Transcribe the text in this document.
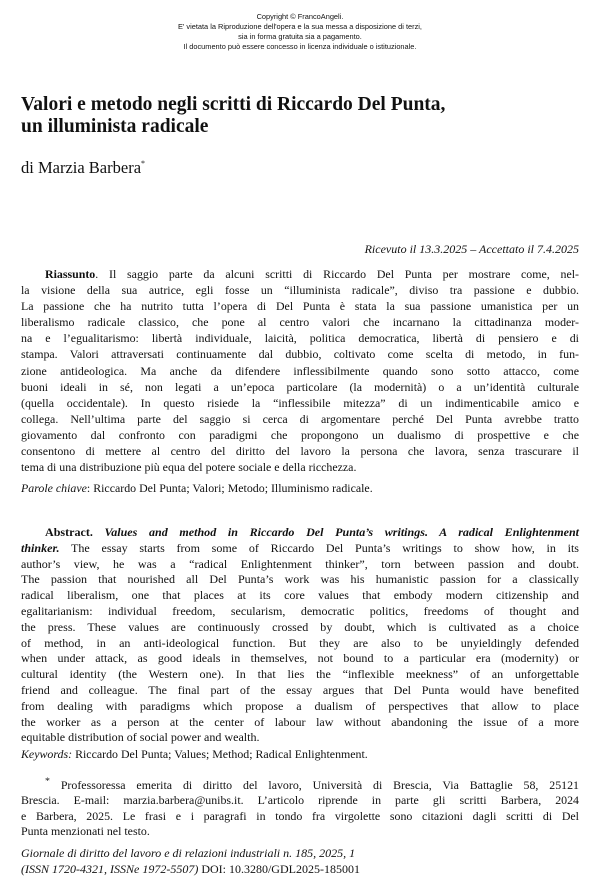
Copyright © FrancoAngeli.
E' vietata la Riproduzione dell'opera e la sua messa a disposizione di terzi,
sia in forma gratuita sia a pagamento.
Il documento può essere concesso in licenza individuale o istituzionale.
Valori e metodo negli scritti di Riccardo Del Punta,
un illuminista radicale
di Marzia Barbera*
Ricevuto il 13.3.2025 – Accettato il 7.4.2025
Riassunto. Il saggio parte da alcuni scritti di Riccardo Del Punta per mostrare come, nel-
la visione della sua autrice, egli fosse un “illuminista radicale”, diviso tra passione e dubbio.
La passione che ha nutrito tutta l’opera di Del Punta è stata la sua passione umanistica per un
liberalismo radicale classico, che pone al centro valori che incarnano la cittadinanza moder-
na e l’egualitarismo: libertà individuale, laicità, politica democratica, libertà di pensiero e di
stampa. Valori attraversati continuamente dal dubbio, coltivato come scelta di metodo, in fun-
zione antideologica. Ma anche da difendere inflessibilmente quando sono sotto attacco, come
buoni ideali in sé, non legati a un’epoca particolare (la modernità) o a un’identità culturale
(quella occidentale). In questo risiede la “inflessibile mitezza” di un indimenticabile amico e
collega. Nell’ultima parte del saggio si cerca di argomentare perché Del Punta avrebbe tratto
giovamento dal confronto con paradigmi che propongono un dualismo di prospettive e che
consentono di mettere al centro del diritto del lavoro la persona che lavora, senza trascurare il
tema di una distribuzione più equa del potere sociale e della ricchezza.
Parole chiave: Riccardo Del Punta; Valori; Metodo; Illuminismo radicale.
Abstract. Values and method in Riccardo Del Punta’s writings. A radical Enlightenment
thinker. The essay starts from some of Riccardo Del Punta’s writings to show how, in its
author’s view, he was a “radical Enlightenment thinker”, torn between passion and doubt.
The passion that nourished all Del Punta’s work was his humanistic passion for a classically
radical liberalism, one that places at its core values that embody modern citizenship and
egalitarianism: individual freedom, secularism, democratic politics, freedoms of thought and
the press. These values are continuously crossed by doubt, which is cultivated as a choice
of method, in an anti-ideological function. But they are also to be unyieldingly defended
when under attack, as good ideals in themselves, not bound to a particular era (modernity) or
cultural identity (the Western one). In that lies the “inflexible meekness” of an unforgettable
friend and colleague. The final part of the essay argues that Del Punta would have benefited
from dealing with paradigms which propose a dualism of perspectives that allow to place
the worker as a person at the center of labour law without abandoning the issue of a more
equitable distribution of social power and wealth.
Keywords: Riccardo Del Punta; Values; Method; Radical Enlightenment.
* Professoressa emerita di diritto del lavoro, Università di Brescia, Via Battaglie 58, 25121
Brescia. E-mail: marzia.barbera@unibs.it. L’articolo riprende in parte gli scritti Barbera, 2024
e Barbera, 2025. Le frasi e i paragrafi in tondo fra virgolette sono citazioni dagli scritti di Del
Punta menzionati nel testo.
Giornale di diritto del lavoro e di relazioni industriali n. 185, 2025, 1
(ISSN 1720-4321, ISSNe 1972-5507) DOI: 10.3280/GDL2025-185001
